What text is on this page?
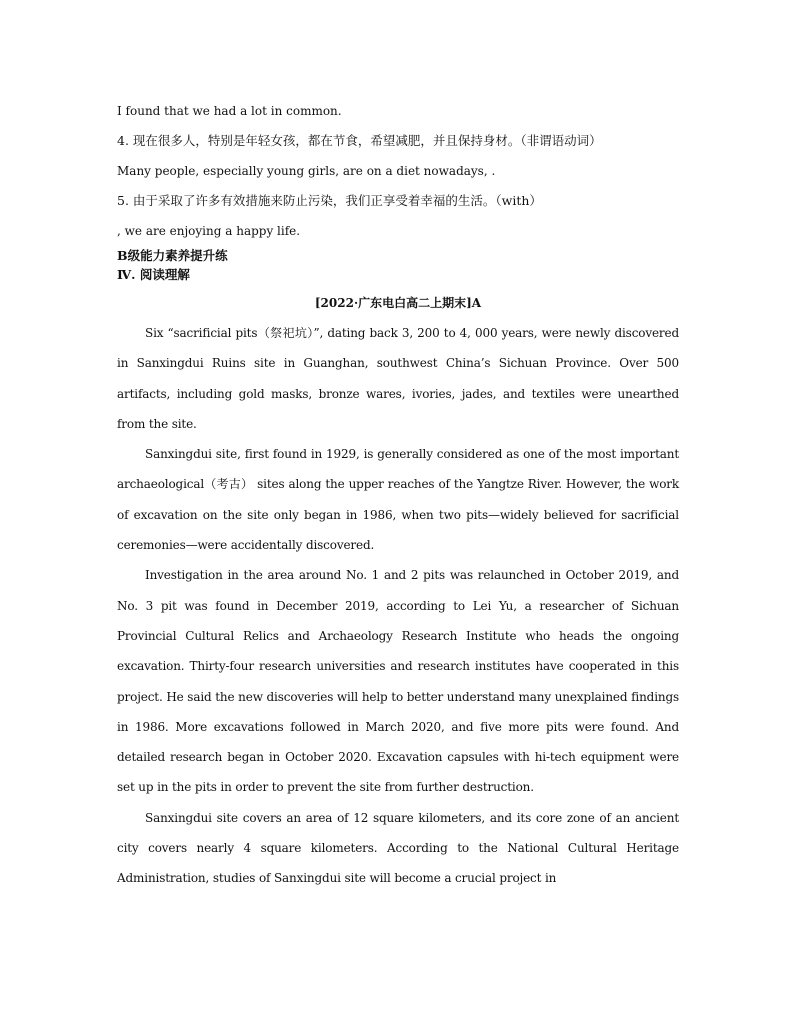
I found that we had a lot in common.

4. 现在很多人，特别是年轻女孩，都在节食，希望减肥，并且保持身材。（非谓语动词）

Many people, especially young girls, are on a diet nowadays, .

5. 由于采取了许多有效措施来防止污染，我们正享受着幸福的生活。（with）

, we are enjoying a happy life.

B级能力素养提升练

Ⅳ. 阅读理解

[2022·广东电白高二上期末]A

Six “sacrificial pits（祭祀坑）”, dating back 3, 200 to 4, 000 years, were newly discovered in Sanxingdui Ruins site in Guanghan, southwest China’s Sichuan Province. Over 500 artifacts, including gold masks, bronze wares, ivories, jades, and textiles were unearthed from the site.

Sanxingdui site, first found in 1929, is generally considered as one of the most important archaeological（考古） sites along the upper reaches of the Yangtze River. However, the work of excavation on the site only began in 1986, when two pits—widely believed for sacrificial ceremonies—were accidentally discovered.

Investigation in the area around No. 1 and 2 pits was relaunched in October 2019, and No. 3 pit was found in December 2019, according to Lei Yu, a researcher of Sichuan Provincial Cultural Relics and Archaeology Research Institute who heads the ongoing excavation. Thirty-four research universities and research institutes have cooperated in this project. He said the new discoveries will help to better understand many unexplained findings in 1986. More excavations followed in March 2020, and five more pits were found. And detailed research began in October 2020. Excavation capsules with hi-tech equipment were set up in the pits in order to prevent the site from further destruction.

Sanxingdui site covers an area of 12 square kilometers, and its core zone of an ancient city covers nearly 4 square kilometers. According to the National Cultural Heritage Administration, studies of Sanxingdui site will become a crucial project in
